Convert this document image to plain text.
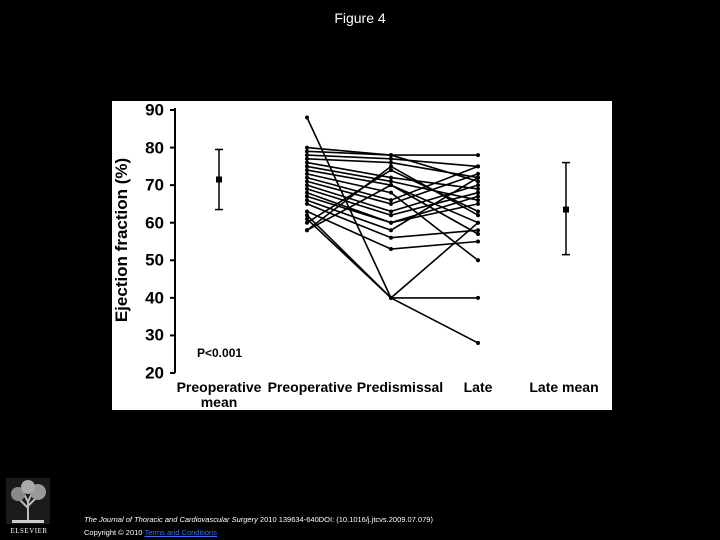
Figure 4
Ejection fraction (%)
90
80
70
60
50
40
30
20
Preoperative
mean
Preoperative Predismissal Late	Late mean
P<0.001
ELSEVIER
The Journal of Thoracic and Cardiovascular Surgery 2010 139634-640DOI: (10.1016/j.jtcvs.2009.07.079)
Copyright © 2010 Terms and Conditions
